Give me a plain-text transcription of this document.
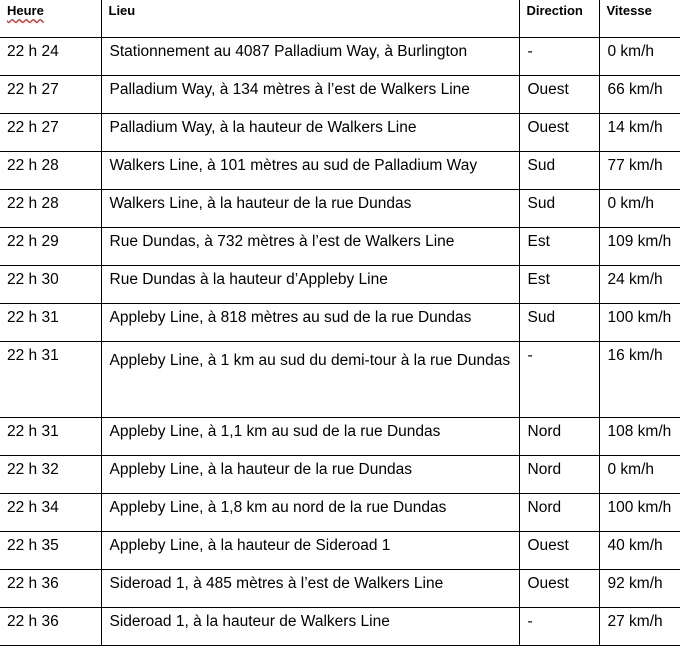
Heure	Lieu	Direction	Vitesse

22 h 24	Stationnement au 4087 Palladium Way, à Burlington	-	0 km/h

22 h 27	Palladium Way, à 134 mètres à l’est de Walkers Line	Ouest	66 km/h

22 h 27	Palladium Way, à la hauteur de Walkers Line	Ouest	14 km/h

22 h 28	Walkers Line, à 101 mètres au sud de Palladium Way	Sud	77 km/h

22 h 28	Walkers Line, à la hauteur de la rue Dundas	Sud	0 km/h

22 h 29	Rue Dundas, à 732 mètres à l’est de Walkers Line	Est	109 km/h

22 h 30	Rue Dundas à la hauteur d’Appleby Line	Est	24 km/h

22 h 31	Appleby Line, à 818 mètres au sud de la rue Dundas	Sud	100 km/h

22 h 31	Appleby Line, à 1 km au sud du demi-tour à la rue Dundas	-	16 km/h

22 h 31	Appleby Line, à 1,1 km au sud de la rue Dundas	Nord	108 km/h

22 h 32	Appleby Line, à la hauteur de la rue Dundas	Nord	0 km/h

22 h 34	Appleby Line, à 1,8 km au nord de la rue Dundas	Nord	100 km/h

22 h 35	Appleby Line, à la hauteur de Sideroad 1	Ouest	40 km/h

22 h 36	Sideroad 1, à 485 mètres à l’est de Walkers Line	Ouest	92 km/h

22 h 36	Sideroad 1, à la hauteur de Walkers Line	-	27 km/h
